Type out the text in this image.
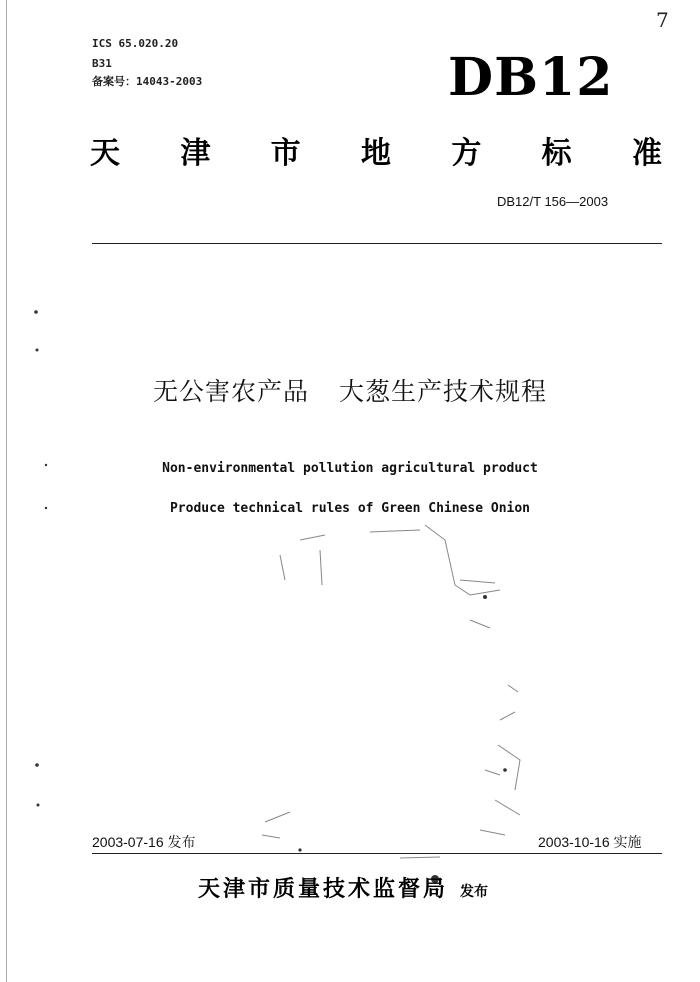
7
ICS 65.020.20
B31
备案号：14043-2003	DB12
天 津 市 地 方 标 准
DB12/T 156—2003
无公害农产品 大葱生产技术规程
Non-environmental pollution agricultural product
Produce technical rules of Green Chinese Onion
2003-07-16 发布	2003-10-16 实施
天津市质量技术监督局 发布
